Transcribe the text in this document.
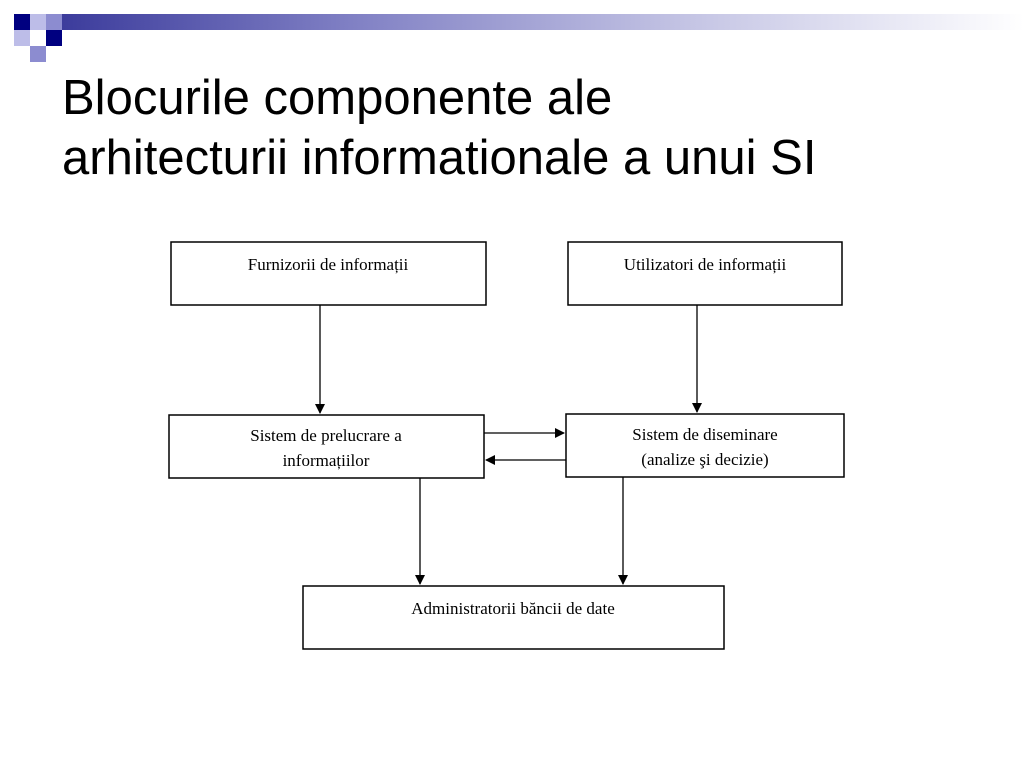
Blocurile componente ale
arhitecturii informationale a unui SI
Furnizorii de informații	Utilizatori de informații
Sistem de prelucrare a
informațiilor
Sistem de diseminare
(analize şi decizie)
Administratorii băncii de date
